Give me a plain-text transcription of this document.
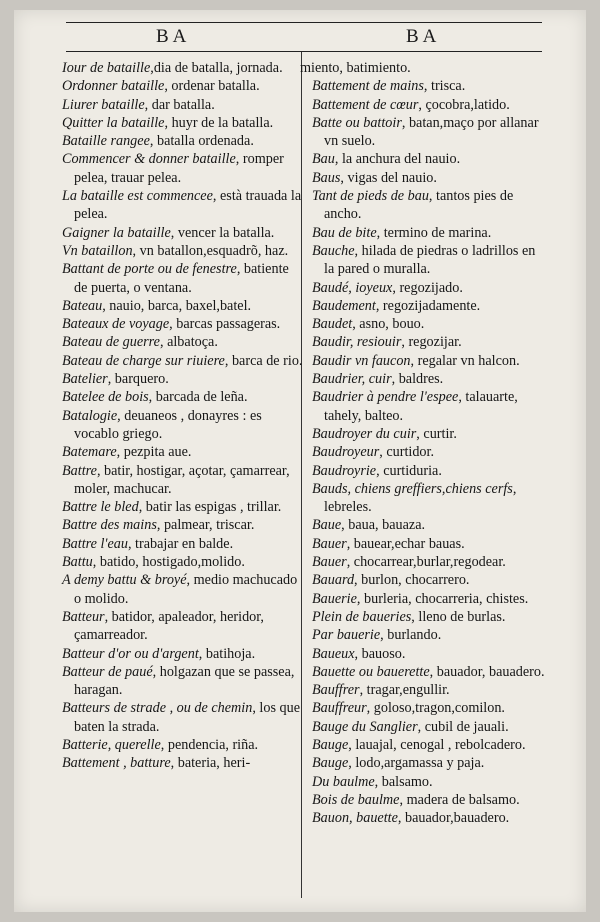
BA	BA
Iour de bataille,dia de batalla, jornada.
Ordonner bataille, ordenar batalla.
Liurer bataille, dar batalla.
Quitter la bataille, huyr de la batalla.
Bataille rangee, batalla ordenada.
Commencer & donner bataille, romper pelea, trauar pelea.
La bataille est commencee, està trauada la pelea.
Gaigner la bataille, vencer la batalla.
Vn bataillon, vn batallon,esquadrõ, haz.
Battant de porte ou de fenestre, batiente de puerta, o ventana.
Bateau, nauio, barca, baxel,batel.
Bateaux de voyage, barcas passageras.
Bateau de guerre, albatoça.
Bateau de charge sur riuiere, barca de rio.
Batelier, barquero.
Batelee de bois, barcada de leña.
Batalogie, deuaneos , donayres : es vocablo griego.
Batemare, pezpita aue.
Battre, batir, hostigar, açotar, çamarrear, moler, machucar.
Battre le bled, batir las espigas , trillar.
Battre des mains, palmear, triscar.
Battre l'eau, trabajar en balde.
Battu, batido, hostigado,molido.
A demy battu & broyé, medio machucado o molido.
Batteur, batidor, apaleador, heridor, çamarreador.
Batteur d'or ou d'argent, batihoja.
Batteur de paué, holgazan que se passea, haragan.
Batteurs de strade , ou de chemin, los que baten la strada.
Batterie, querelle, pendencia, riña.
Battement , batture, bateria, heri-
miento, batimiento.
Battement de mains, trisca.
Battement de cœur, çocobra,latido.
Batte ou battoir, batan,maço por allanar vn suelo.
Bau, la anchura del nauio.
Baus, vigas del nauio.
Tant de pieds de bau, tantos pies de ancho.
Bau de bite, termino de marina.
Bauche, hilada de piedras o ladrillos en la pared o muralla.
Baudé, ioyeux, regozijado.
Baudement, regozijadamente.
Baudet, asno, bouo.
Baudir, resiouir, regozijar.
Baudir vn faucon, regalar vn halcon.
Baudrier, cuir, baldres.
Baudrier à pendre l'espee, talauarte, tahely, balteo.
Baudroyer du cuir, curtir.
Baudroyeur, curtidor.
Baudroyrie, curtiduria.
Bauds, chiens greffiers,chiens cerfs, lebreles.
Baue, baua, bauaza.
Bauer, bauear,echar bauas.
Bauer, chocarrear,burlar,regodear.
Bauard, burlon, chocarrero.
Bauerie, burleria, chocarreria, chistes.
Plein de baueries, lleno de burlas.
Par bauerie, burlando.
Baueux, bauoso.
Bauette ou bauerette, bauador, bauadero.
Bauffrer, tragar,engullir.
Bauffreur, goloso,tragon,comilon.
Bauge du Sanglier, cubil de jauali.
Bauge, lauajal, cenogal , rebolcadero.
Bauge, lodo,argamassa y paja.
Du baulme, balsamo.
Bois de baulme, madera de balsamo.
Bauon, bauette, bauador,bauadero.
